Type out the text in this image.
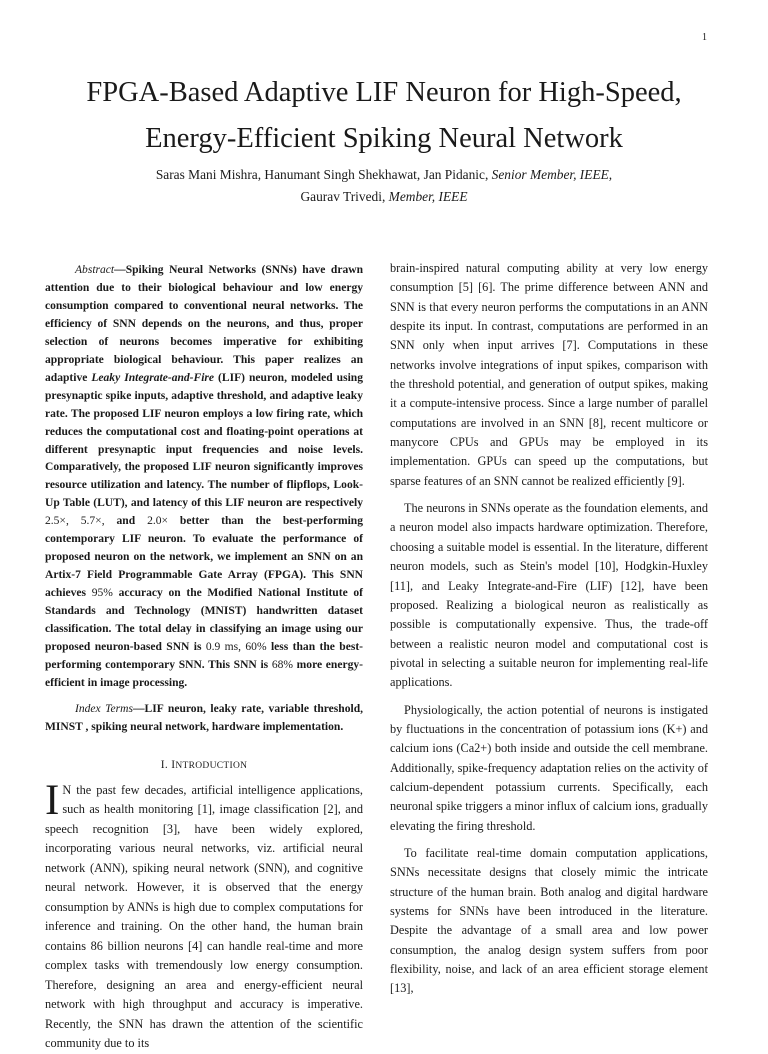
1
FPGA-Based Adaptive LIF Neuron for High-Speed,
Energy-Efficient Spiking Neural Network
Saras Mani Mishra, Hanumant Singh Shekhawat, Jan Pidanic, Senior Member, IEEE,
Gaurav Trivedi, Member, IEEE

Abstract—Spiking Neural Networks (SNNs) have drawn attention due to their biological behaviour and low energy consumption compared to conventional neural networks. The efficiency of SNN depends on the neurons, and thus, proper selection of neurons becomes imperative for exhibiting appropriate biological behaviour. This paper realizes an adaptive Leaky Integrate-and-Fire (LIF) neuron, modeled using presynaptic spike inputs, adaptive threshold, and adaptive leaky rate. The proposed LIF neuron employs a low firing rate, which reduces the computational cost and floating-point operations at different presynaptic input frequencies and noise levels. Comparatively, the proposed LIF neuron significantly improves resource utilization and latency. The number of flipflops, Look-Up Table (LUT), and latency of this LIF neuron are respectively 2.5×, 5.7×, and 2.0× better than the best-performing contemporary LIF neuron. To evaluate the performance of proposed neuron on the network, we implement an SNN on an Artix-7 Field Programmable Gate Array (FPGA). This SNN achieves 95% accuracy on the Modified National Institute of Standards and Technology (MNIST) handwritten dataset classification. The total delay in classifying an image using our proposed neuron-based SNN is 0.9 ms, 60% less than the best-performing contemporary SNN. This SNN is 68% more energy-efficient in image processing.

Index Terms—LIF neuron, leaky rate, variable threshold, MINST , spiking neural network, hardware implementation.

I. INTRODUCTION

I N the past few decades, artificial intelligence applications, such as health monitoring [1], image classification [2], and speech recognition [3], have been widely explored, incorporating various neural networks, viz. artificial neural network (ANN), spiking neural network (SNN), and cognitive neural network. However, it is observed that the energy consumption by ANNs is high due to complex computations for inference and training. On the other hand, the human brain contains 86 billion neurons [4] can handle real-time and more complex tasks with tremendously low energy consumption. Therefore, designing an area and energy-efficient neural network with high throughput and accuracy is imperative. Recently, the SNN has drawn the attention of the scientific community due to its

brain-inspired natural computing ability at very low energy consumption [5] [6]. The prime difference between ANN and SNN is that every neuron performs the computations in an ANN despite its input. In contrast, computations are performed in an SNN only when input arrives [7]. Computations in these networks involve integrations of input spikes, comparison with the threshold potential, and generation of output spikes, making it a compute-intensive process. Since a large number of parallel computations are involved in an SNN [8], recent multicore or manycore CPUs and GPUs may be employed in its implementation. GPUs can speed up the computations, but sparse features of an SNN cannot be realized efficiently [9].

The neurons in SNNs operate as the foundation elements, and a neuron model also impacts hardware optimization. Therefore, choosing a suitable model is essential. In the literature, different neuron models, such as Stein's model [10], Hodgkin-Huxley [11], and Leaky Integrate-and-Fire (LIF) [12], have been proposed. Realizing a biological neuron as realistically as possible is computationally expensive. Thus, the trade-off between a realistic neuron model and computational cost is pivotal in selecting a suitable neuron for implementing real-life applications.

Physiologically, the action potential of neurons is instigated by fluctuations in the concentration of potassium ions (K+) and calcium ions (Ca2+) both inside and outside the cell membrane. Additionally, spike-frequency adaptation relies on the activity of calcium-dependent potassium currents. Specifically, each neuronal spike triggers a minor influx of calcium ions, gradually elevating the firing threshold.

To facilitate real-time domain computation applications, SNNs necessitate designs that closely mimic the intricate structure of the human brain. Both analog and digital hardware systems for SNNs have been introduced in the literature. Despite the advantage of a small area and low power consumption, the analog design system suffers from poor flexibility, noise, and lack of an area efficient storage element [13],
